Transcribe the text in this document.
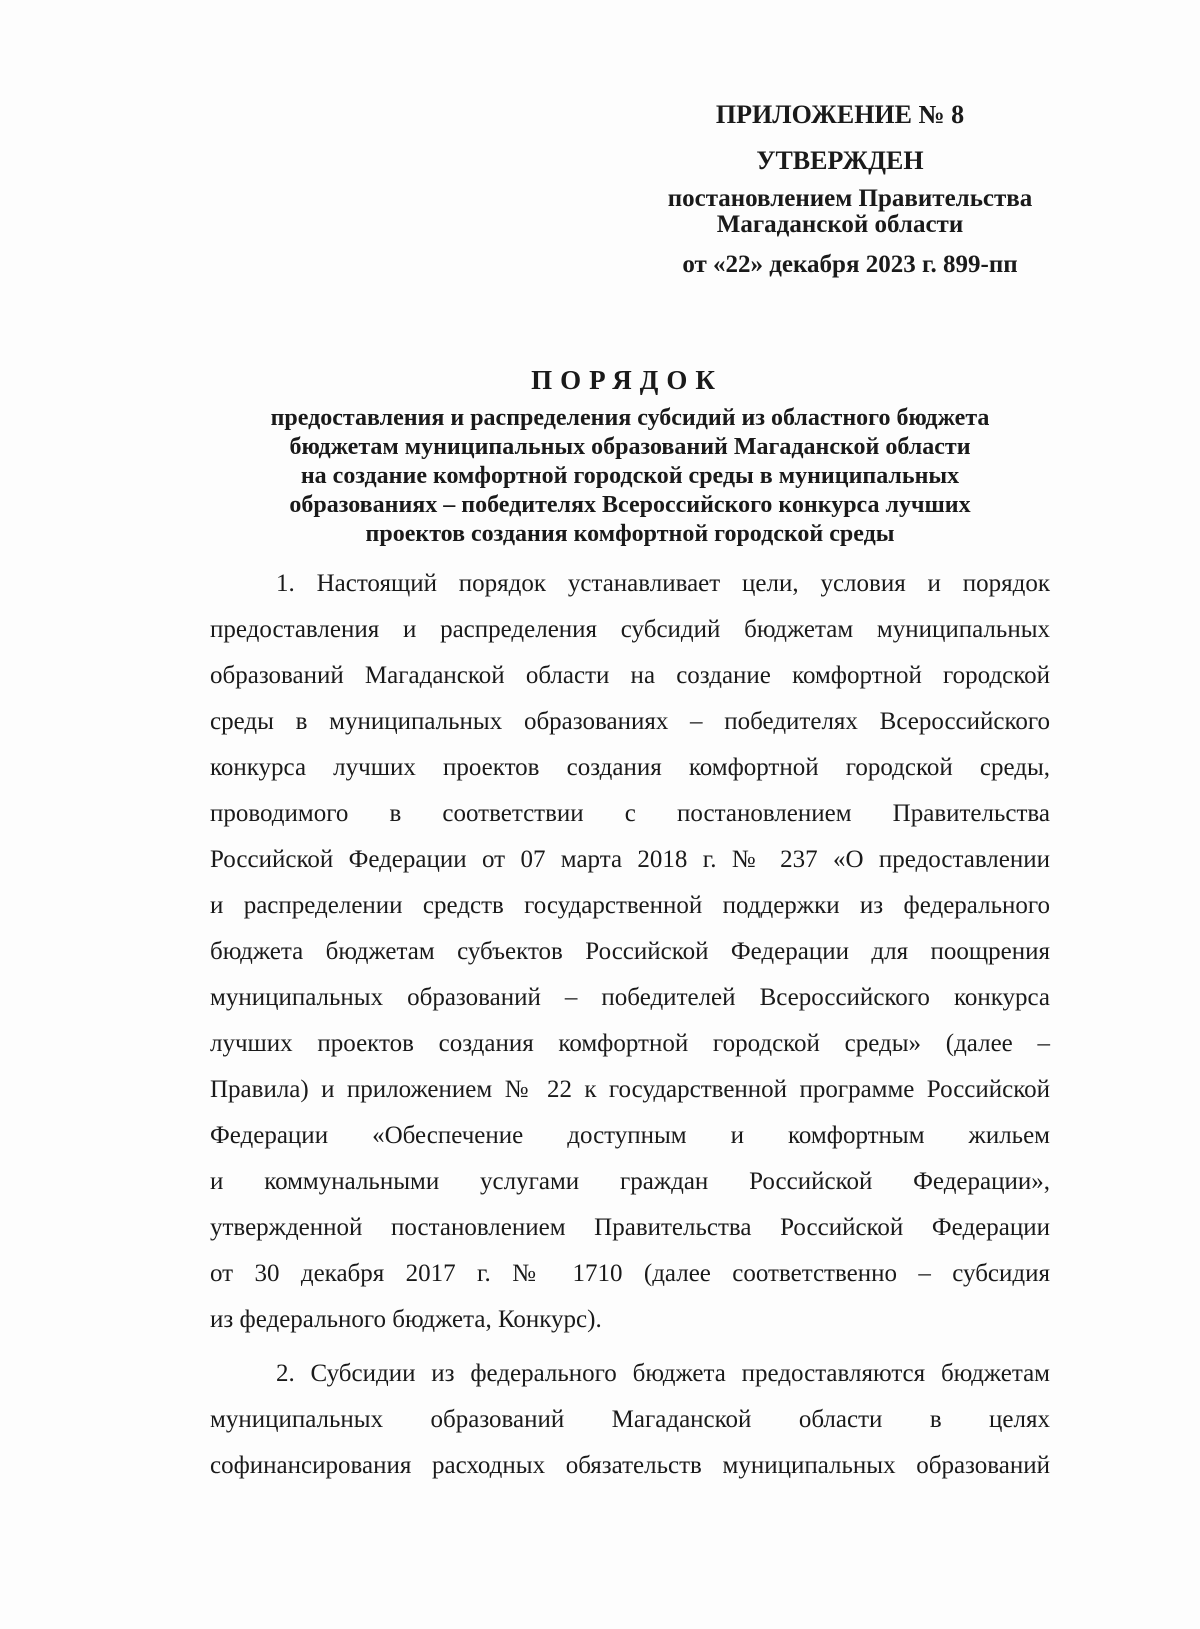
ПРИЛОЖЕНИЕ № 8
УТВЕРЖДЕН
постановлением Правительства
Магаданской области
от «22» декабря 2023 г. 899-пп
ПОРЯДОК
предоставления и распределения субсидий из областного бюджета
бюджетам муниципальных образований Магаданской области
на создание комфортной городской среды в муниципальных
образованиях – победителях Всероссийского конкурса лучших
проектов создания комфортной городской среды
1. Настоящий порядок устанавливает цели, условия и порядок
предоставления и распределения субсидий бюджетам муниципальных
образований Магаданской области на создание комфортной городской
среды в муниципальных образованиях – победителях Всероссийского
конкурса лучших проектов создания комфортной городской среды,
проводимого в соответствии с постановлением Правительства
Российской Федерации от 07 марта 2018 г. № 237 «О предоставлении
и распределении средств государственной поддержки из федерального
бюджета бюджетам субъектов Российской Федерации для поощрения
муниципальных образований – победителей Всероссийского конкурса
лучших проектов создания комфортной городской среды» (далее –
Правила) и приложением № 22 к государственной программе Российской
Федерации «Обеспечение доступным и комфортным жильем
и коммунальными услугами граждан Российской Федерации»,
утвержденной постановлением Правительства Российской Федерации
от 30 декабря 2017 г. № 1710 (далее соответственно – субсидия
из федерального бюджета, Конкурс).
2. Субсидии из федерального бюджета предоставляются бюджетам
муниципальных образований Магаданской области в целях
софинансирования расходных обязательств муниципальных образований
